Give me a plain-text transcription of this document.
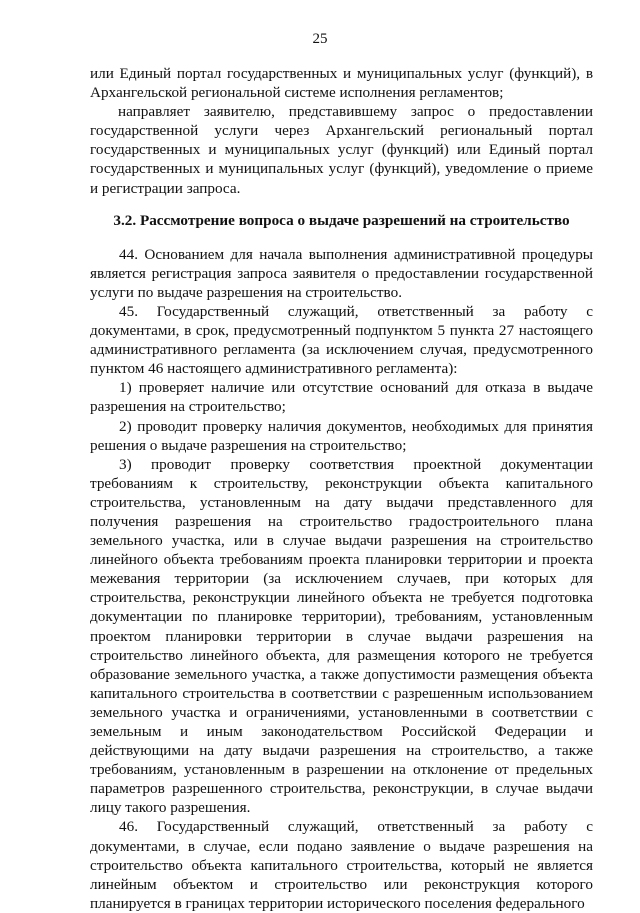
25

или Единый портал государственных и муниципальных услуг (функций), в Архангельской региональной системе исполнения регламентов;

направляет заявителю, представившему запрос о предоставлении государственной услуги через Архангельский региональный портал государственных и муниципальных услуг (функций) или Единый портал государственных и муниципальных услуг (функций), уведомление о приеме и регистрации запроса.

3.2. Рассмотрение вопроса о выдаче разрешений на строительство

44. Основанием для начала выполнения административной процедуры является регистрация запроса заявителя о предоставлении государственной услуги по выдаче разрешения на строительство.

45. Государственный служащий, ответственный за работу с документами, в срок, предусмотренный подпунктом 5 пункта 27 настоящего административного регламента (за исключением случая, предусмотренного пунктом 46 настоящего административного регламента):

1) проверяет наличие или отсутствие оснований для отказа в выдаче разрешения на строительство;

2) проводит проверку наличия документов, необходимых для принятия решения о выдаче разрешения на строительство;

3) проводит проверку соответствия проектной документации требованиям к строительству, реконструкции объекта капитального строительства, установленным на дату выдачи представленного для получения разрешения на строительство градостроительного плана земельного участка, или в случае выдачи разрешения на строительство линейного объекта требованиям проекта планировки территории и проекта межевания территории (за исключением случаев, при которых для строительства, реконструкции линейного объекта не требуется подготовка документации по планировке территории), требованиям, установленным проектом планировки территории в случае выдачи разрешения на строительство линейного объекта, для размещения которого не требуется образование земельного участка, а также допустимости размещения объекта капитального строительства в соответствии с разрешенным использованием земельного участка и ограничениями, установленными в соответствии с земельным и иным законодательством Российской Федерации и действующими на дату выдачи разрешения на строительство, а также требованиям, установленным в разрешении на отклонение от предельных параметров разрешенного строительства, реконструкции, в случае выдачи лицу такого разрешения.

46. Государственный служащий, ответственный за работу с документами, в случае, если подано заявление о выдаче разрешения на строительство объекта капитального строительства, который не является линейным объектом и строительство или реконструкция которого планируется в границах территории исторического поселения федерального
